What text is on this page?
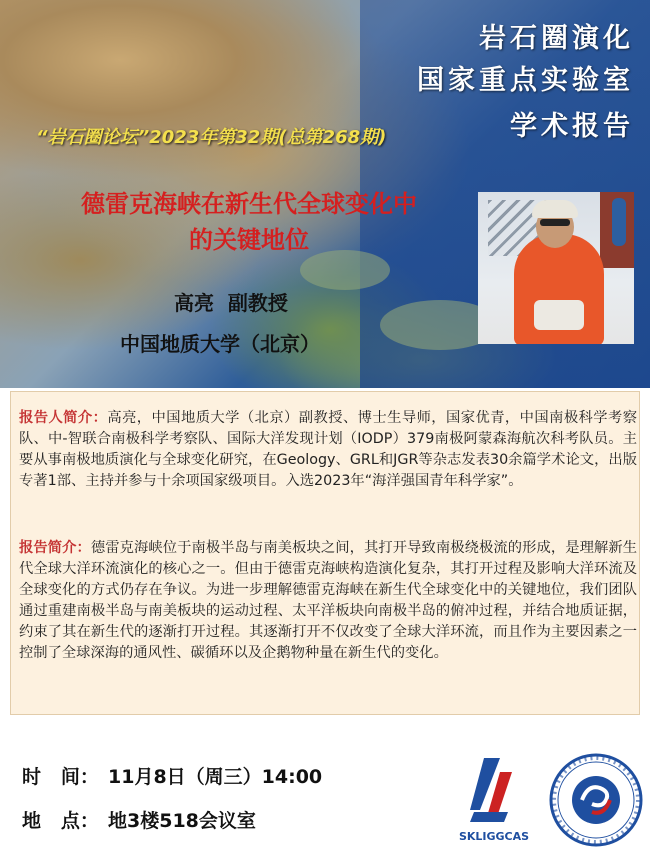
岩石圈演化
国家重点实验室
学术报告
“岩石圈论坛”2023年第32期(总第268期)
德雷克海峡在新生代全球变化中
的关键地位
高亮  副教授
中国地质大学（北京）
报告人简介：高亮，中国地质大学（北京）副教授、博士生导师，国家优青，中国南极科学考察队、中-智联合南极科学考察队、国际大洋发现计划（IODP）379南极阿蒙森海航次科考队员。主要从事南极地质演化与全球变化研究，在Geology、GRL和JGR等杂志发表30余篇学术论文，出版专著1部、主持并参与十余项国家级项目。入选2023年“海洋强国青年科学家”。
报告简介：德雷克海峡位于南极半岛与南美板块之间，其打开导致南极绕极流的形成，是理解新生代全球大洋环流演化的核心之一。但由于德雷克海峡构造演化复杂，其打开过程及影响大洋环流及全球变化的方式仍存在争议。为进一步理解德雷克海峡在新生代全球变化中的关键地位，我们团队通过重建南极半岛与南美板块的运动过程、太平洋板块向南极半岛的俯冲过程，并结合地质证据，约束了其在新生代的逐渐打开过程。其逐渐打开不仅改变了全球大洋环流，而且作为主要因素之一控制了全球深海的通风性、碳循环以及企鹅物种量在新生代的变化。
时   间： 11月8日（周三）14:00
地   点： 地3楼518会议室
SKLIGGCAS
